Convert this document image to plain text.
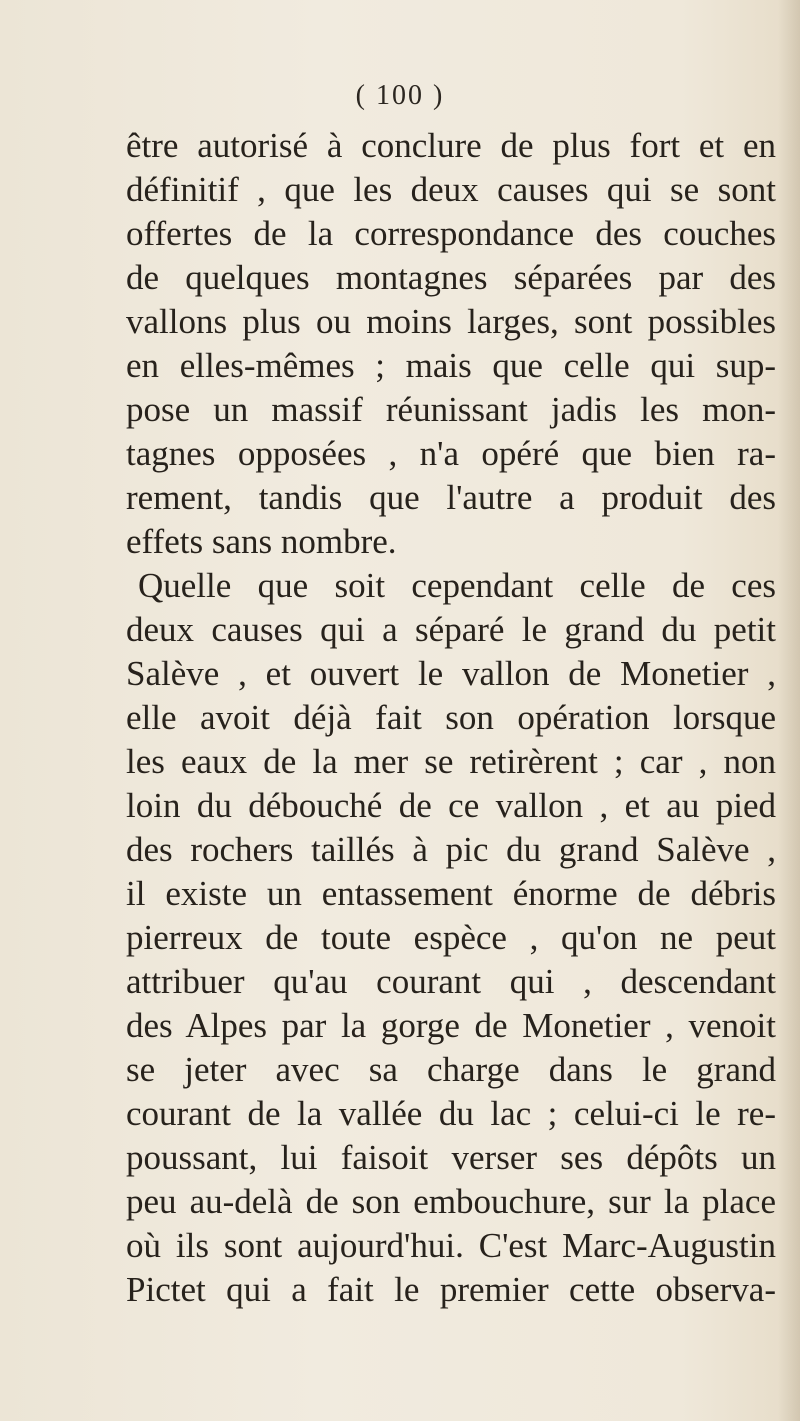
( 100 )
être autorisé à conclure de plus fort et en
définitif , que les deux causes qui se sont
offertes de la correspondance des couches
de quelques montagnes séparées par des
vallons plus ou moins larges, sont possibles
en elles-mêmes ; mais que celle qui sup-
pose un massif réunissant jadis les mon-
tagnes opposées , n'a opéré que bien ra-
rement, tandis que l'autre a produit des
effets sans nombre.
Quelle que soit cependant celle de ces
deux causes qui a séparé le grand du petit
Salève , et ouvert le vallon de Monetier ,
elle avoit déjà fait son opération lorsque
les eaux de la mer se retirèrent ; car , non
loin du débouché de ce vallon , et au pied
des rochers taillés à pic du grand Salève ,
il existe un entassement énorme de débris
pierreux de toute espèce , qu'on ne peut
attribuer qu'au courant qui , descendant
des Alpes par la gorge de Monetier , venoit
se jeter avec sa charge dans le grand
courant de la vallée du lac ; celui-ci le re-
poussant, lui faisoit verser ses dépôts un
peu au-delà de son embouchure, sur la place
où ils sont aujourd'hui. C'est Marc-Augustin
Pictet qui a fait le premier cette observa-
